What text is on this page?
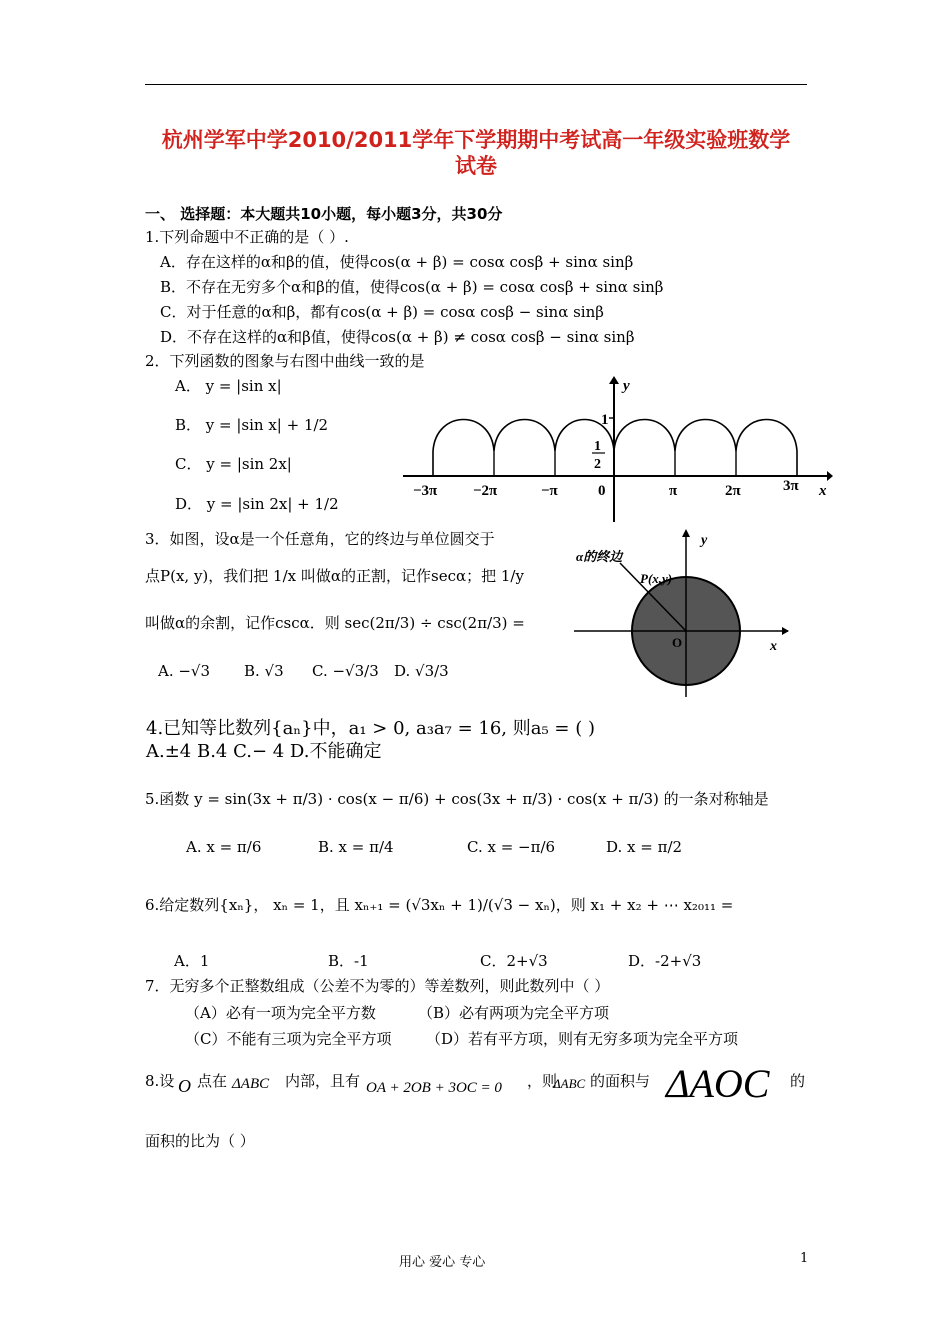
杭州学军中学2010/2011学年下学期期中考试高一年级实验班数学
试卷
一、 选择题：本大题共10小题，每小题3分，共30分
1.下列命题中不正确的是（ ）.
A．存在这样的α和β的值，使得cos(α + β) = cosα cosβ + sinα sinβ
B．不存在无穷多个α和β的值，使得cos(α + β) = cosα cosβ + sinα sinβ
C．对于任意的α和β，都有cos(α + β) = cosα cosβ − sinα sinβ
D．不存在这样的α和β值，使得cos(α + β) ≠ cosα cosβ − sinα sinβ
2．下列函数的图象与右图中曲线一致的是
A． y = |sin x|
B． y = |sin x| + 1/2
C． y = |sin 2x|
D． y = |sin 2x| + 1/2
y
x
1
1
2
−3π −2π	−π	0	π	2π	3π
3．如图，设α是一个任意角，它的终边与单位圆交于
点P(x, y)，我们把 1/x 叫做α的正割，记作secα；把 1/y
叫做α的余割，记作cscα．则 sec(2π/3) ÷ csc(2π/3) =
A. −√3 B. √3 C. −√3/3 D. √3/3
α的终边
P(x,y)
O	x
y
4.已知等比数列{aₙ}中，a₁ > 0, a₃a₇ = 16, 则a₅ = ( )
A.±4 B.4 C.− 4 D.不能确定
5.函数 y = sin(3x + π/3) · cos(x − π/6) + cos(3x + π/3) · cos(x + π/3) 的一条对称轴是
A. x = π/6	B. x = π/4	C. x = −π/6	D. x = π/2
6.给定数列{xₙ}， xₙ = 1，且 xₙ₊₁ = (√3xₙ + 1)/(√3 − xₙ)，则 x₁ + x₂ + ⋯ x₂₀₁₁ =
A．1	B．-1	C．2+√3	D．-2+√3
7．无穷多个正整数组成（公差不为零的）等差数列，则此数列中（ ）
（A）必有一项为完全平方数	（B）必有两项为完全平方项
（C）不能有三项为完全平方项 （D）若有平方项，则有无穷多项为完全平方项
8.设 O 点在 ΔABC 内部，且有 OA + 2OB + 3OC = 0 ，则
ΔABC 的面积与 ΔAOC 的
面积的比为（ ）
用心 爱心 专心	1
